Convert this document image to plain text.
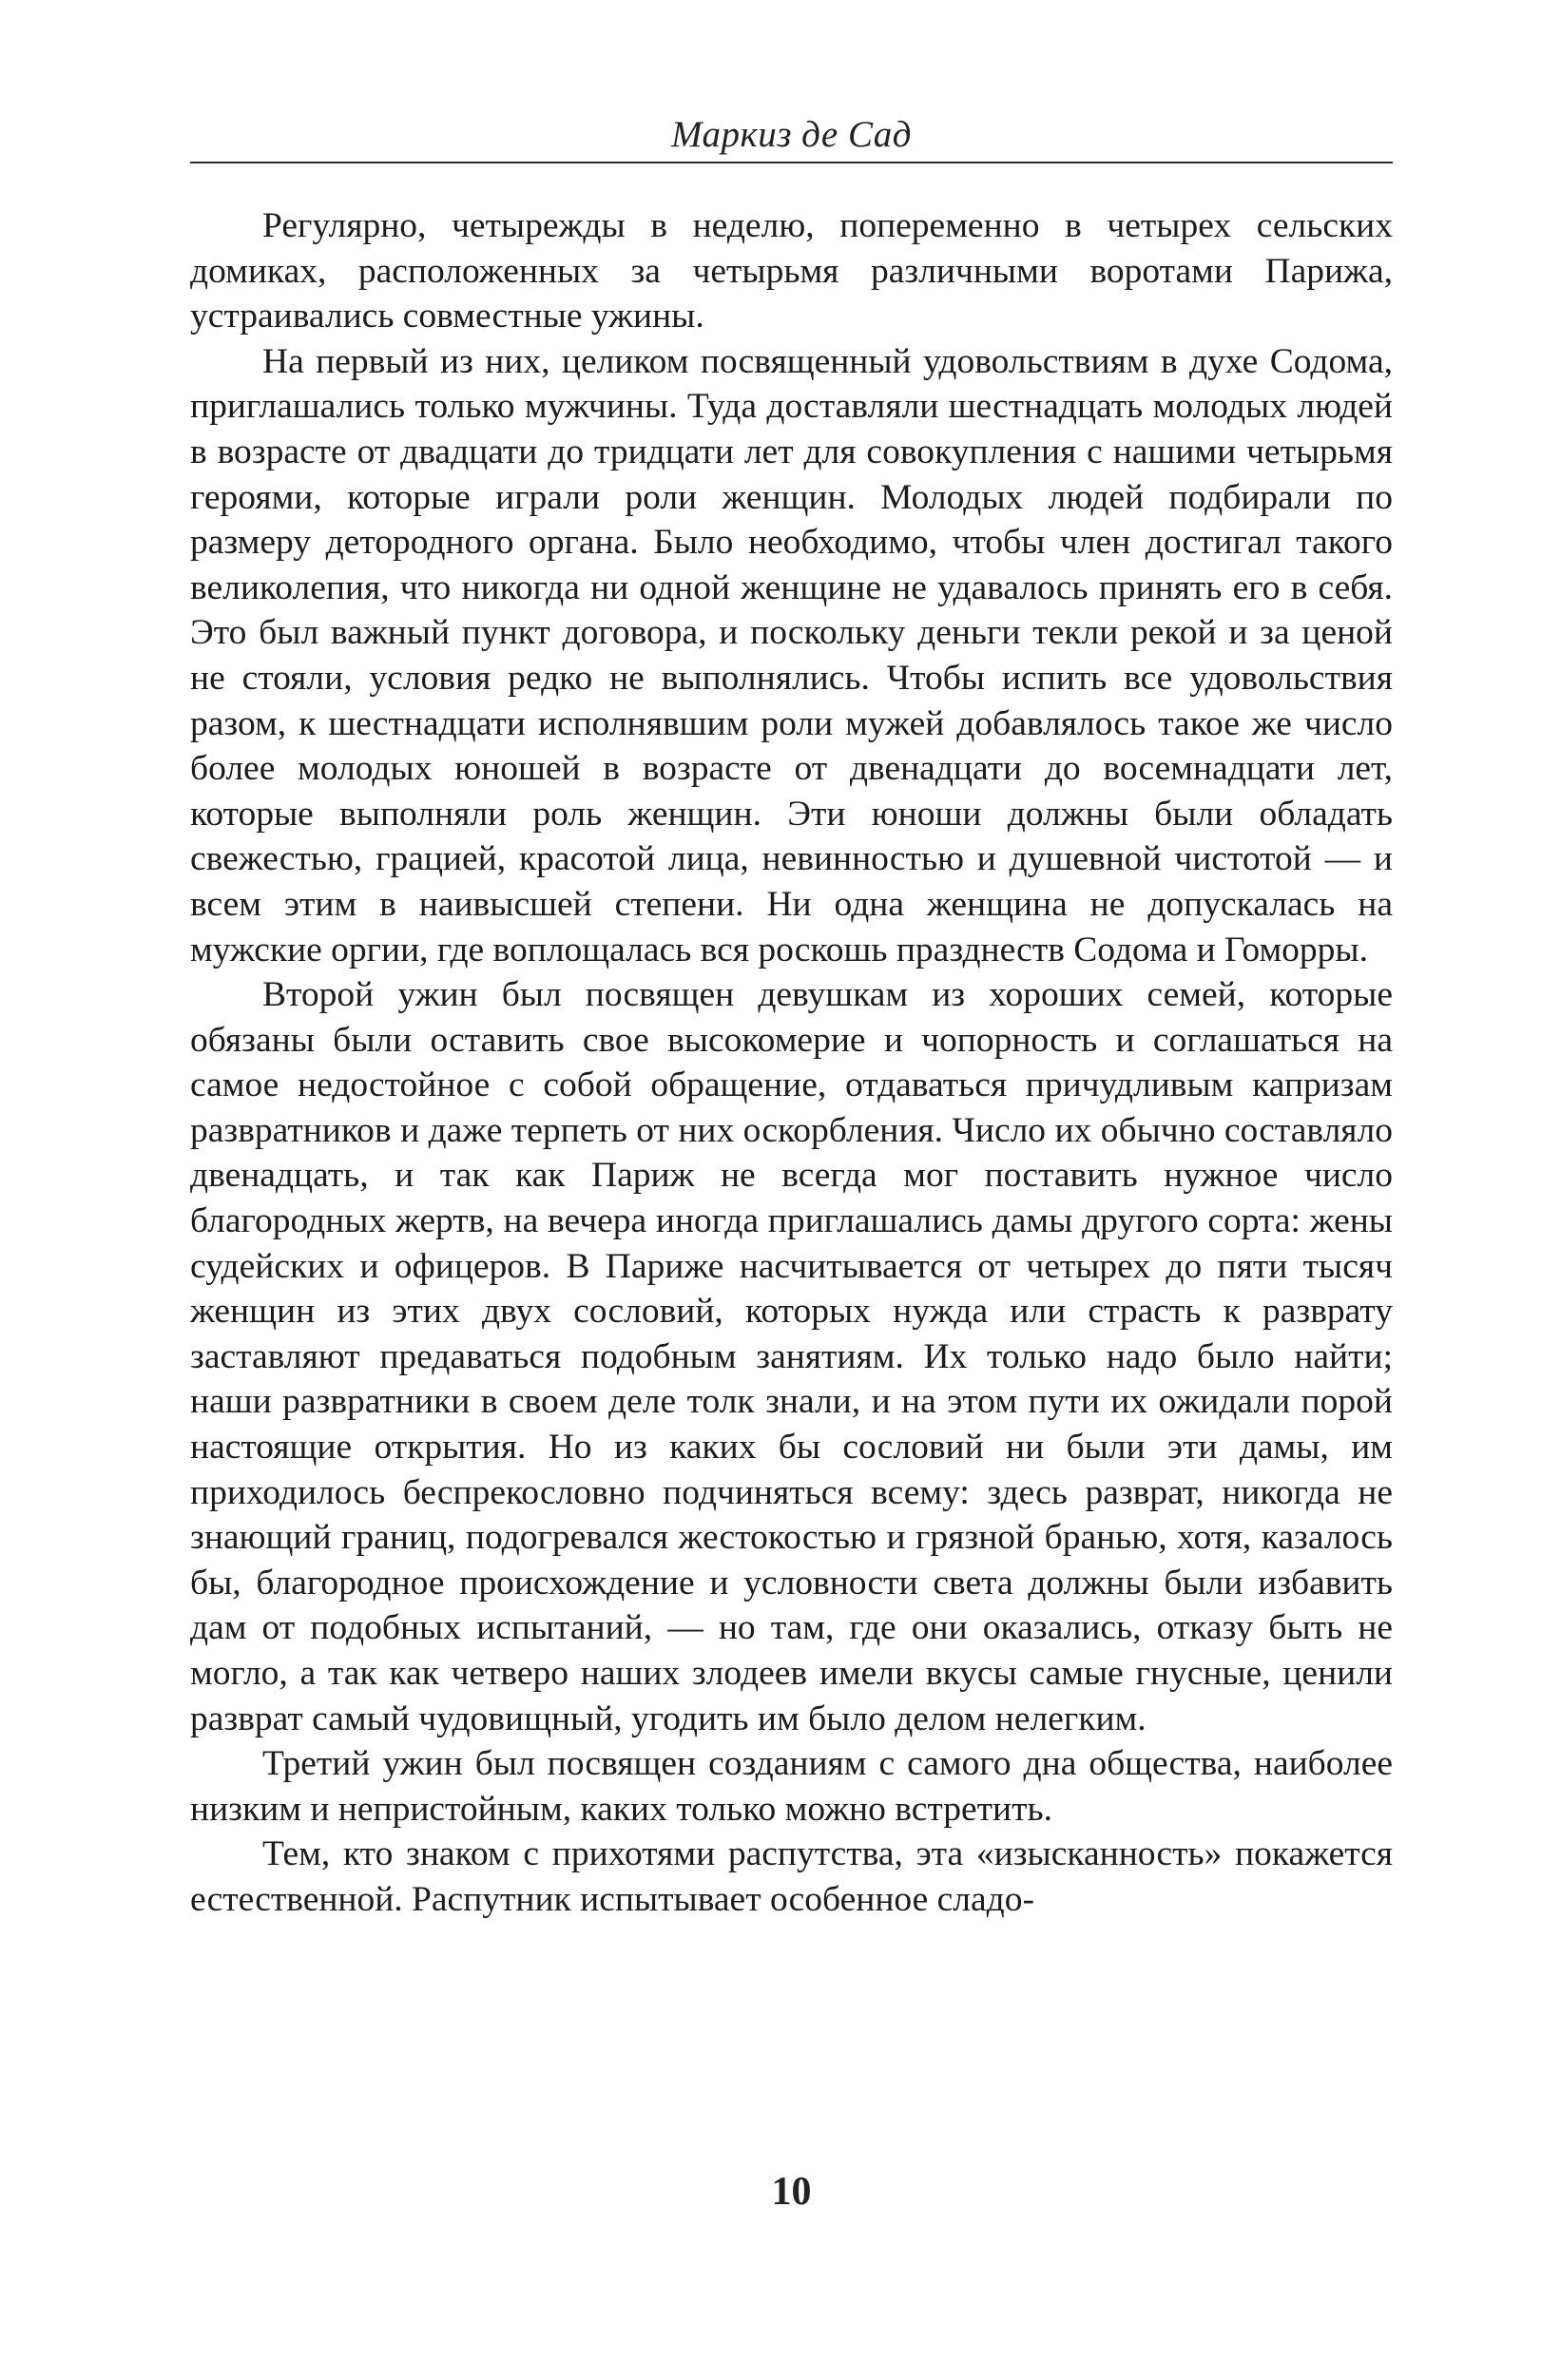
Маркиз де Сад

Регулярно, четырежды в неделю, попеременно в четырех сельских домиках, расположенных за четырьмя различными воротами Парижа, устраивались совместные ужины.

На первый из них, целиком посвященный удовольствиям в духе Содома, приглашались только мужчины. Туда доставляли шестнадцать молодых людей в возрасте от двадцати до тридцати лет для совокупления с нашими четырьмя героями, которые играли роли женщин. Молодых людей подбирали по размеру детородного органа. Было необходимо, чтобы член достигал такого великолепия, что никогда ни одной женщине не удавалось принять его в себя. Это был важный пункт договора, и поскольку деньги текли рекой и за ценой не стояли, условия редко не выполнялись. Чтобы испить все удовольствия разом, к шестнадцати исполнявшим роли мужей добавлялось такое же число более молодых юношей в возрасте от двенадцати до восемнадцати лет, которые выполняли роль женщин. Эти юноши должны были обладать свежестью, грацией, красотой лица, невинностью и душевной чистотой — и всем этим в наивысшей степени. Ни одна женщина не допускалась на мужские оргии, где воплощалась вся роскошь празднеств Содома и Гоморры.

Второй ужин был посвящен девушкам из хороших семей, которые обязаны были оставить свое высокомерие и чопорность и соглашаться на самое недостойное с собой обращение, отдаваться причудливым капризам развратников и даже терпеть от них оскорбления. Число их обычно составляло двенадцать, и так как Париж не всегда мог поставить нужное число благородных жертв, на вечера иногда приглашались дамы другого сорта: жены судейских и офицеров. В Париже насчитывается от четырех до пяти тысяч женщин из этих двух сословий, которых нужда или страсть к разврату заставляют предаваться подобным занятиям. Их только надо было найти; наши развратники в своем деле толк знали, и на этом пути их ожидали порой настоящие открытия. Но из каких бы сословий ни были эти дамы, им приходилось беспрекословно подчиняться всему: здесь разврат, никогда не знающий границ, подогревался жестокостью и грязной бранью, хотя, казалось бы, благородное происхождение и условности света должны были избавить дам от подобных испытаний, — но там, где они оказались, отказу быть не могло, а так как четверо наших злодеев имели вкусы самые гнусные, ценили разврат самый чудовищный, угодить им было делом нелегким.

Третий ужин был посвящен созданиям с самого дна общества, наиболее низким и непристойным, каких только можно встретить.

Тем, кто знаком с прихотями распутства, эта «изысканность» покажется естественной. Распутник испытывает особенное сладо-

10
